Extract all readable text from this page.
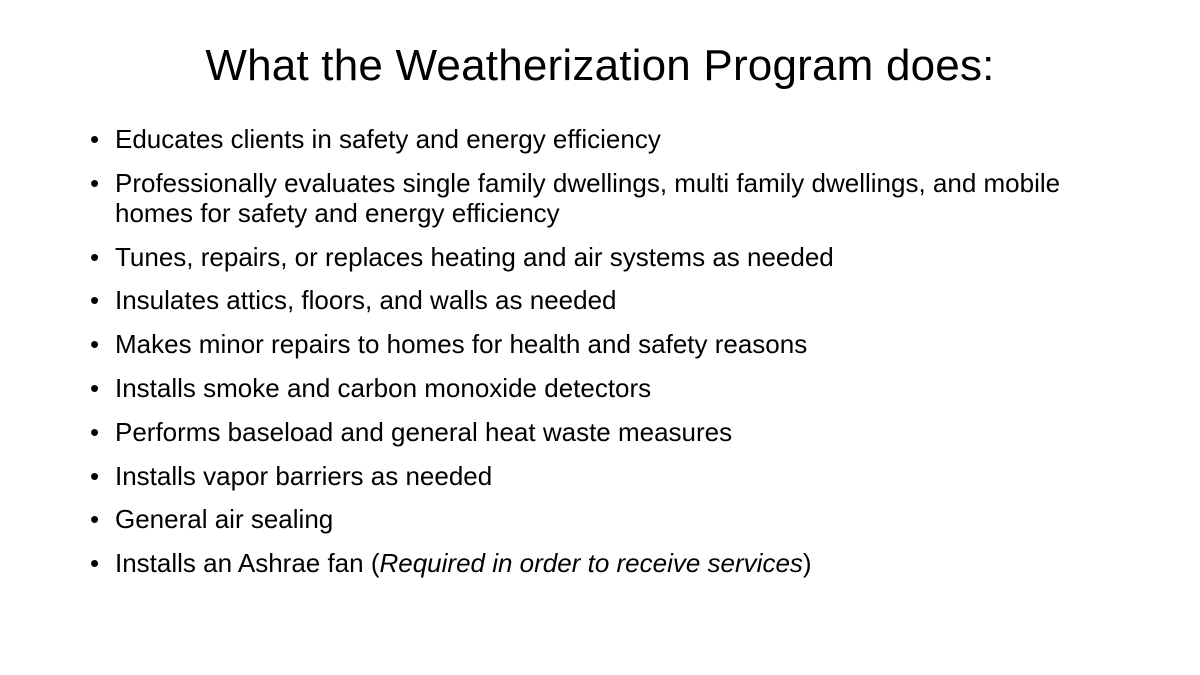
What the Weatherization Program does:
• Educates clients in safety and energy efficiency
• Professionally evaluates single family dwellings, multi family dwellings, and mobile homes for safety and energy efficiency
• Tunes, repairs, or replaces heating and air systems as needed
• Insulates attics, floors, and walls as needed
• Makes minor repairs to homes for health and safety reasons
• Installs smoke and carbon monoxide detectors
• Performs baseload and general heat waste measures
• Installs vapor barriers as needed
• General air sealing
• Installs an Ashrae fan (Required in order to receive services)
